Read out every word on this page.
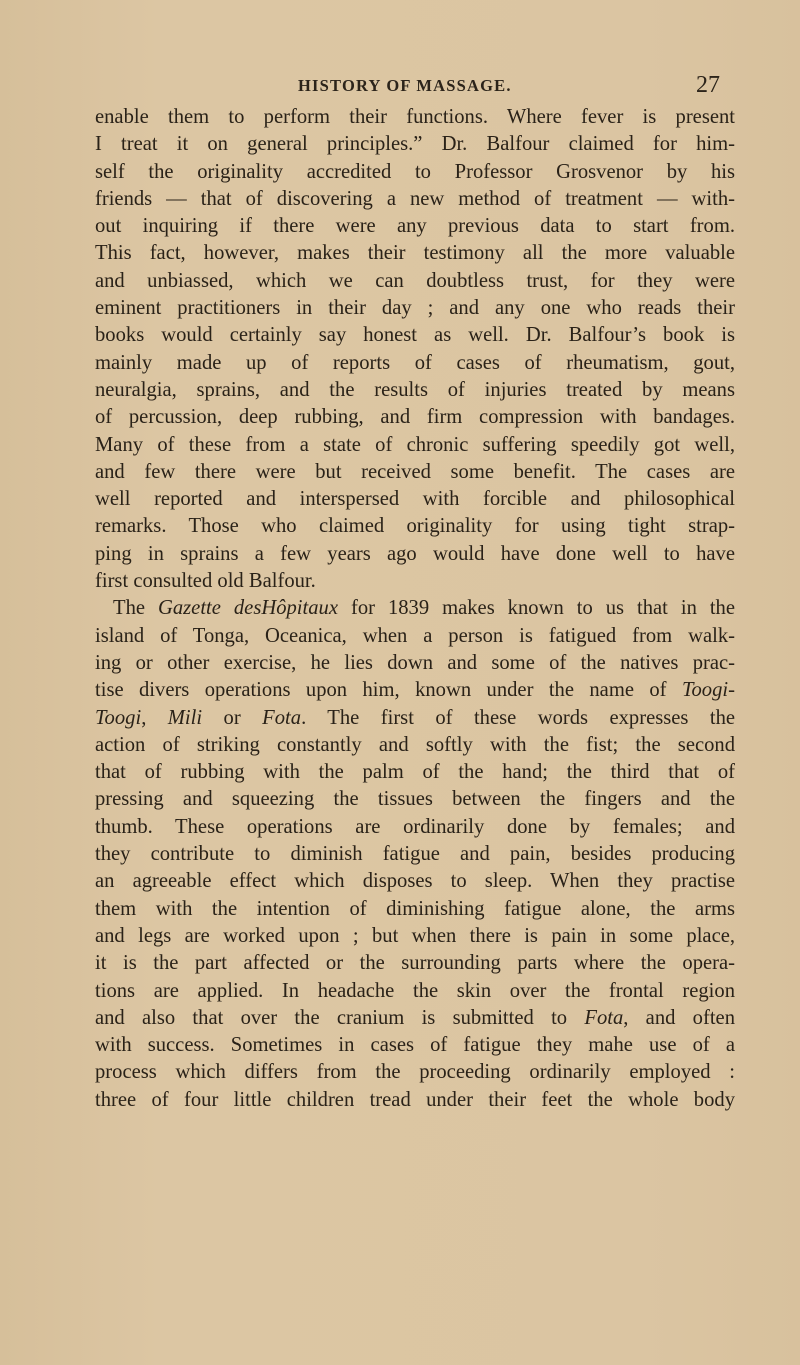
HISTORY OF MASSAGE.	27
enable them to perform their functions. Where fever is present
I treat it on general principles.” Dr. Balfour claimed for him-
self the originality accredited to Professor Grosvenor by his
friends — that of discovering a new method of treatment — with-
out inquiring if there were any previous data to start from.
This fact, however, makes their testimony all the more valuable
and unbiassed, which we can doubtless trust, for they were
eminent practitioners in their day ; and any one who reads their
books would certainly say honest as well. Dr. Balfour’s book is
mainly made up of reports of cases of rheumatism, gout,
neuralgia, sprains, and the results of injuries treated by means
of percussion, deep rubbing, and firm compression with bandages.
Many of these from a state of chronic suffering speedily got well,
and few there were but received some benefit. The cases are
well reported and interspersed with forcible and philosophical
remarks. Those who claimed originality for using tight strap-
ping in sprains a few years ago would have done well to have
first consulted old Balfour.
The Gazette desHôpitaux for 1839 makes known to us that in the
island of Tonga, Oceanica, when a person is fatigued from walk-
ing or other exercise, he lies down and some of the natives prac-
tise divers operations upon him, known under the name of Toogi-
Toogi, Mili or Fota. The first of these words expresses the
action of striking constantly and softly with the fist; the second
that of rubbing with the palm of the hand; the third that of
pressing and squeezing the tissues between the fingers and the
thumb. These operations are ordinarily done by females; and
they contribute to diminish fatigue and pain, besides producing
an agreeable effect which disposes to sleep. When they practise
them with the intention of diminishing fatigue alone, the arms
and legs are worked upon ; but when there is pain in some place,
it is the part affected or the surrounding parts where the opera-
tions are applied. In headache the skin over the frontal region
and also that over the cranium is submitted to Fota, and often
with success. Sometimes in cases of fatigue they mahe use of a
process which differs from the proceeding ordinarily employed :
three of four little children tread under their feet the whole body
